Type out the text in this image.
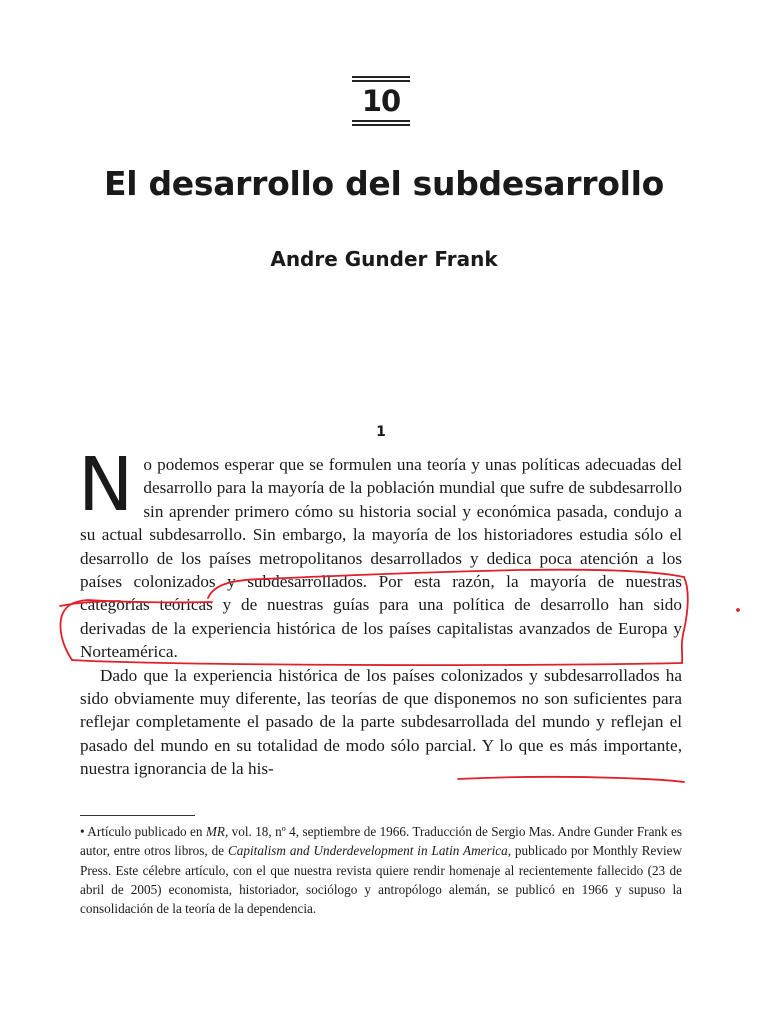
10
El desarrollo del subdesarrollo
Andre Gunder Frank
1

No podemos esperar que se formulen una teoría y unas políticas adecuadas del desarrollo para la mayoría de la población mundial que sufre de subdesarrollo sin aprender primero cómo su historia social y económica pasada, condujo a su actual subdesarrollo. Sin embargo, la mayoría de los historiadores estudia sólo el desarrollo de los países metropolitanos desarrollados y dedica poca atención a los países colonizados y subdesarrollados. Por esta razón, la mayoría de nuestras categorías teóricas y de nuestras guías para una política de desarrollo han sido derivadas de la experiencia histórica de los países capitalistas avanzados de Europa y Norteamérica.

Dado que la experiencia histórica de los países colonizados y subdesarrollados ha sido obviamente muy diferente, las teorías de que disponemos no son suficientes para reflejar completamente el pasado de la parte subdesarrollada del mundo y reflejan el pasado del mundo en su totalidad de modo sólo parcial. Y lo que es más importante, nuestra ignorancia de la his-

• Artículo publicado en MR, vol. 18, nº 4, septiembre de 1966. Traducción de Sergio Mas. Andre Gunder Frank es autor, entre otros libros, de Capitalism and Underdevelopment in Latin America, publicado por Monthly Review Press. Este célebre artículo, con el que nuestra revista quiere rendir homenaje al recientemente fallecido (23 de abril de 2005) economista, historiador, sociólogo y antropólogo alemán, se publicó en 1966 y supuso la consolidación de la teoría de la dependencia.
